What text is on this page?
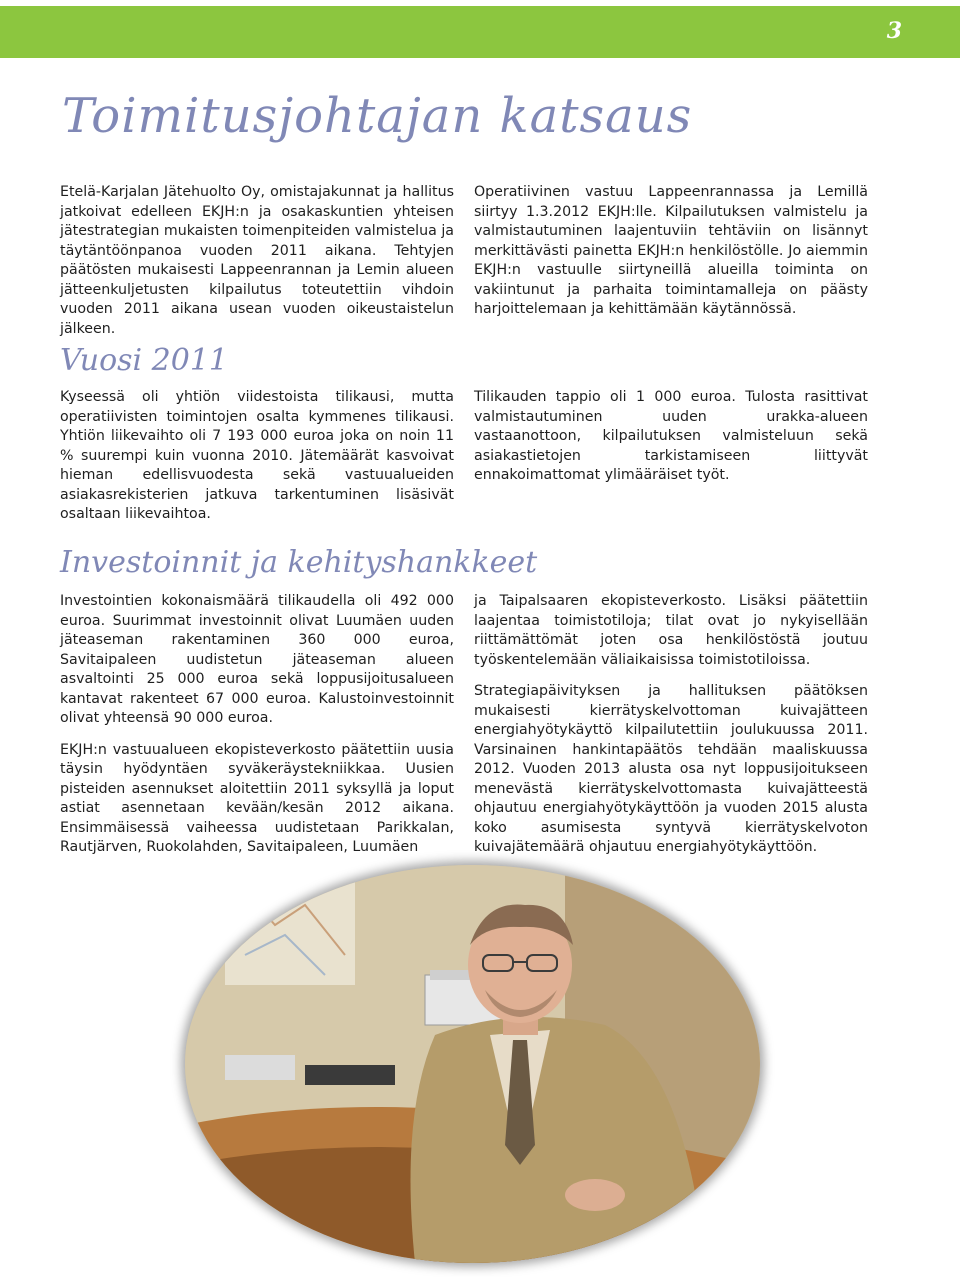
3
Toimitusjohtajan katsaus

Etelä-Karjalan Jätehuolto Oy, omistajakunnat ja hallitus jatkoivat edelleen EKJH:n ja osakaskuntien yhteisen jätestrategian mukaisten toimenpiteiden valmistelua ja täytäntöönpanoa vuoden 2011 aikana. Tehtyjen päätösten mukaisesti Lappeenrannan ja Lemin alueen jätteenkuljetusten kilpailutus toteutettiin vihdoin vuoden 2011 aikana usean vuoden oikeustaistelun jälkeen.

Operatiivinen vastuu Lappeenrannassa ja Lemillä siirtyy 1.3.2012 EKJH:lle. Kilpailutuksen valmistelu ja valmistautuminen laajentuviin tehtäviin on lisännyt merkittävästi painetta EKJH:n henkilöstölle. Jo aiemmin EKJH:n vastuulle siirtyneillä alueilla toiminta on vakiintunut ja parhaita toimintamalleja on päästy harjoittelemaan ja kehittämään käytännössä.

Vuosi 2011

Kyseessä oli yhtiön viidestoista tilikausi, mutta operatiivisten toimintojen osalta kymmenes tilikausi. Yhtiön liikevaihto oli 7 193 000 euroa joka on noin 11 % suurempi kuin vuonna 2010. Jätemäärät kasvoivat hieman edellisvuodesta sekä vastuualueiden asiakasrekisterien jatkuva tarkentuminen lisäsivät osaltaan liikevaihtoa.

Tilikauden tappio oli 1 000 euroa. Tulosta rasittivat valmistautuminen uuden urakka-alueen vastaanottoon, kilpailutuksen valmisteluun sekä asiakastietojen tarkistamiseen liittyvät ennakoimattomat ylimääräiset työt.

Investoinnit ja kehityshankkeet

Investointien kokonaismäärä tilikaudella oli 492 000 euroa. Suurimmat investoinnit olivat Luumäen uuden jäteaseman rakentaminen 360 000 euroa, Savitaipaleen uudistetun jäteaseman alueen asvaltointi 25 000 euroa sekä loppusijoitusalueen kantavat rakenteet 67 000 euroa. Kalustoinvestoinnit olivat yhteensä 90 000 euroa.

EKJH:n vastuualueen ekopisteverkosto päätettiin uusia täysin hyödyntäen syväkeräystekniikkaa. Uusien pisteiden asennukset aloitettiin 2011 syksyllä ja loput astiat asennetaan kevään/kesän 2012 aikana. Ensimmäisessä vaiheessa uudistetaan Parikkalan, Rautjärven, Ruokolahden, Savitaipaleen, Luumäen

ja Taipalsaaren ekopisteverkosto. Lisäksi päätettiin laajentaa toimistotiloja; tilat ovat jo nykyisellään riittämättömät joten osa henkilöstöstä joutuu työskentelemään väliaikaisissa toimistotiloissa.

Strategiapäivityksen ja hallituksen päätöksen mukaisesti kierrätyskelvottoman kuivajätteen energiahyötykäyttö kilpailutettiin joulukuussa 2011. Varsinainen hankintapäätös tehdään maaliskuussa 2012. Vuoden 2013 alusta osa nyt loppusijoitukseen menevästä kierrätyskelvottomasta kuivajätteestä ohjautuu energiahyötykäyttöön ja vuoden 2015 alusta koko asumisesta syntyvä kierrätyskelvoton kuivajätemäärä ohjautuu energiahyötykäyttöön.
